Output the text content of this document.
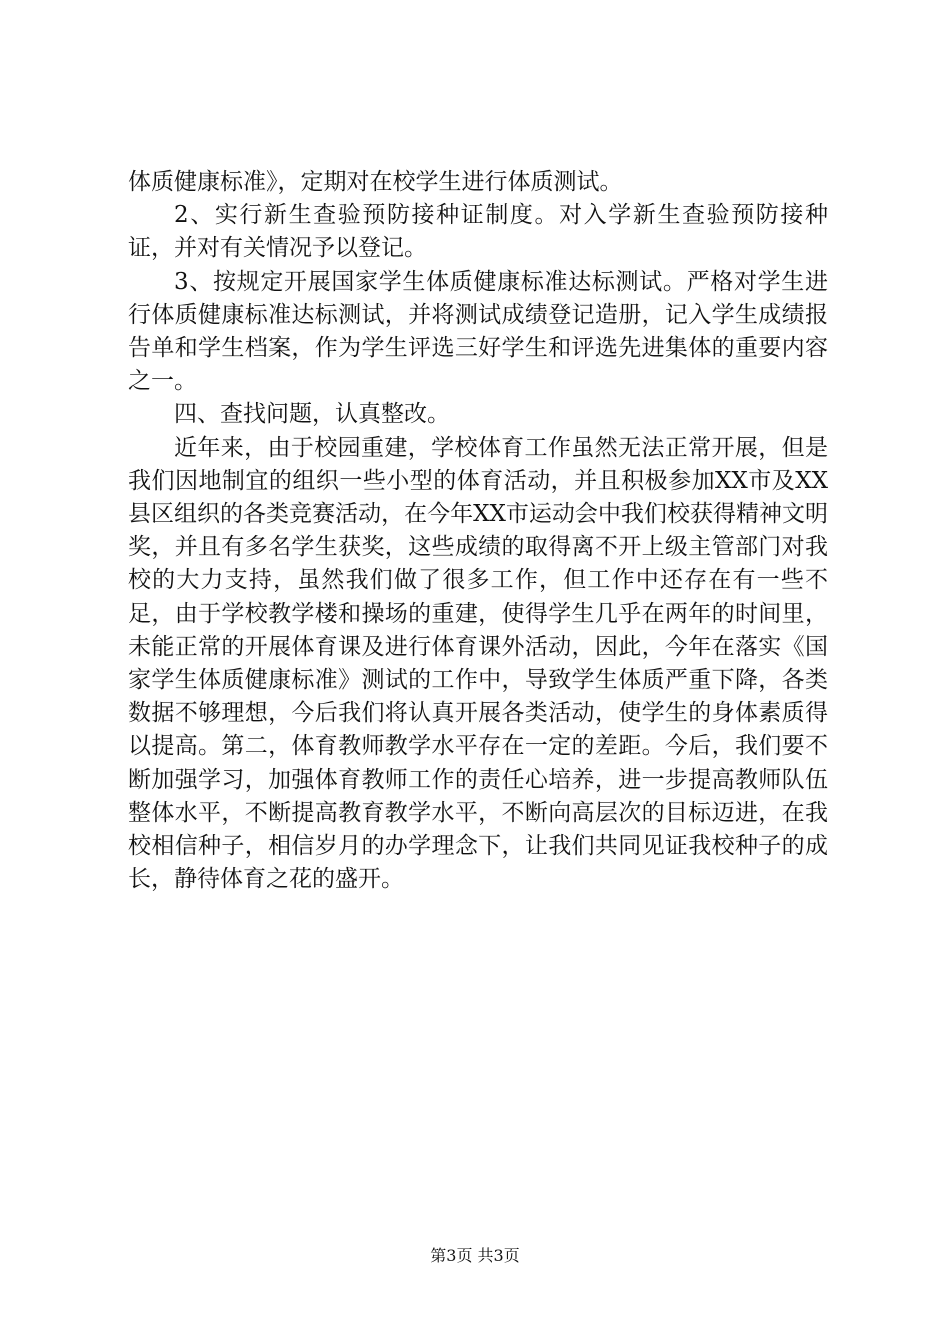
体质健康标准》，定期对在校学生进行体质测试。

2、实行新生查验预防接种证制度。对入学新生查验预防接种证，并对有关情况予以登记。

3、按规定开展国家学生体质健康标准达标测试。严格对学生进行体质健康标准达标测试，并将测试成绩登记造册，记入学生成绩报告单和学生档案，作为学生评选三好学生和评选先进集体的重要内容之一。

四、查找问题，认真整改。

近年来，由于校园重建，学校体育工作虽然无法正常开展，但是我们因地制宜的组织一些小型的体育活动，并且积极参加XX市及XX县区组织的各类竞赛活动，在今年XX市运动会中我们校获得精神文明奖，并且有多名学生获奖，这些成绩的取得离不开上级主管部门对我校的大力支持，虽然我们做了很多工作，但工作中还存在有一些不足，由于学校教学楼和操场的重建，使得学生几乎在两年的时间里，未能正常的开展体育课及进行体育课外活动，因此，今年在落实《国家学生体质健康标准》测试的工作中，导致学生体质严重下降，各类数据不够理想，今后我们将认真开展各类活动，使学生的身体素质得以提高。第二，体育教师教学水平存在一定的差距。今后，我们要不断加强学习，加强体育教师工作的责任心培养，进一步提高教师队伍整体水平，不断提高教育教学水平，不断向高层次的目标迈进，在我校相信种子，相信岁月的办学理念下，让我们共同见证我校种子的成长，静待体育之花的盛开。

第3页 共3页
